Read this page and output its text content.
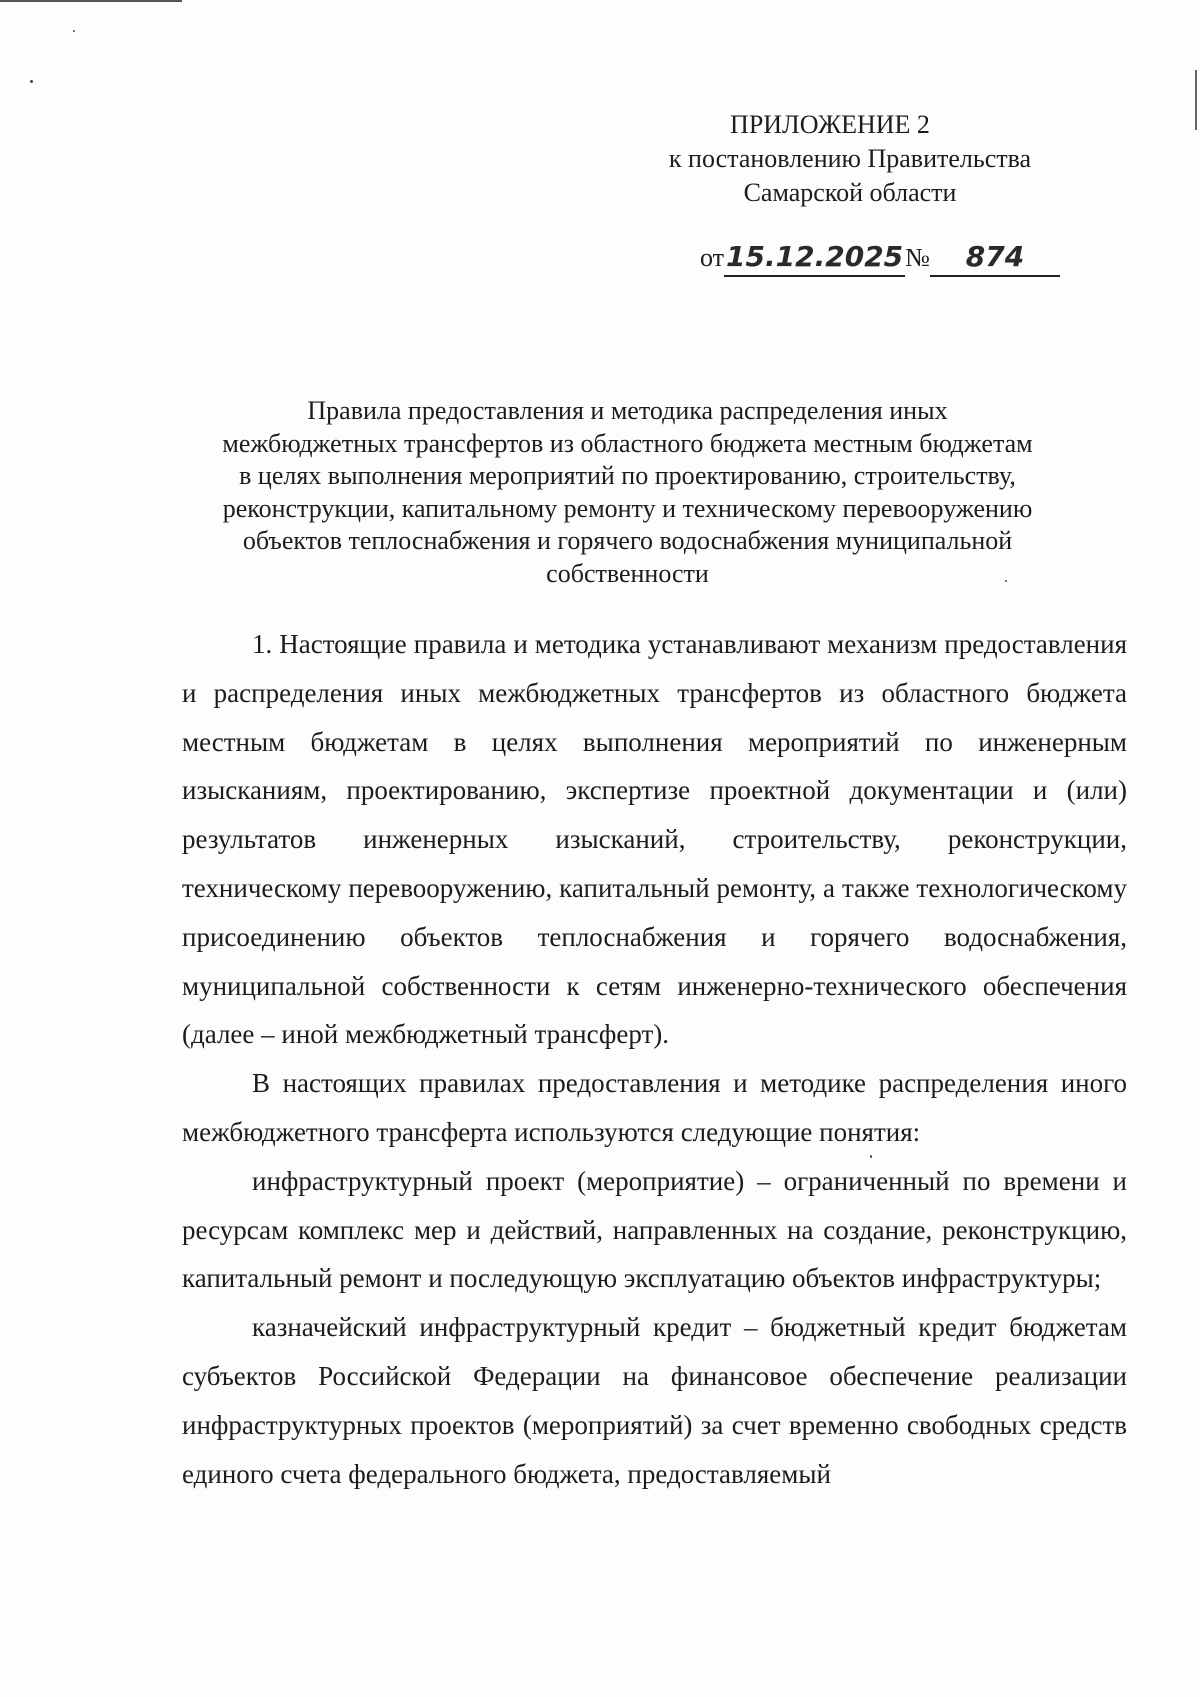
ПРИЛОЖЕНИЕ 2
к постановлению Правительства
Самарской области
от15.12.2025№ 874
Правила предоставления и методика распределения иных
межбюджетных трансфертов из областного бюджета местным бюджетам
в целях выполнения мероприятий по проектированию, строительству,
реконструкции, капитальному ремонту и техническому перевооружению
объектов теплоснабжения и горячего водоснабжения муниципальной
собственности

1. Настоящие правила и методика устанавливают механизм предоставления и распределения иных межбюджетных трансфертов из областного бюджета местным бюджетам в целях выполнения мероприятий по инженерным изысканиям, проектированию, экспертизе проектной документации и (или) результатов инженерных изысканий, строительству, реконструкции, техническому перевооружению, капитальный ремонту, а также технологическому присоединению объектов теплоснабжения и горячего водоснабжения, муниципальной собственности к сетям инженерно-технического обеспечения (далее – иной межбюджетный трансферт).

В настоящих правилах предоставления и методике распределения иного межбюджетного трансферта используются следующие понятия:

инфраструктурный проект (мероприятие) – ограниченный по времени и ресурсам комплекс мер и действий, направленных на создание, реконструкцию, капитальный ремонт и последующую эксплуатацию объектов инфраструктуры;

казначейский инфраструктурный кредит – бюджетный кредит бюджетам субъектов Российской Федерации на финансовое обеспечение реализации инфраструктурных проектов (мероприятий) за счет временно свободных средств единого счета федерального бюджета, предоставляемый
